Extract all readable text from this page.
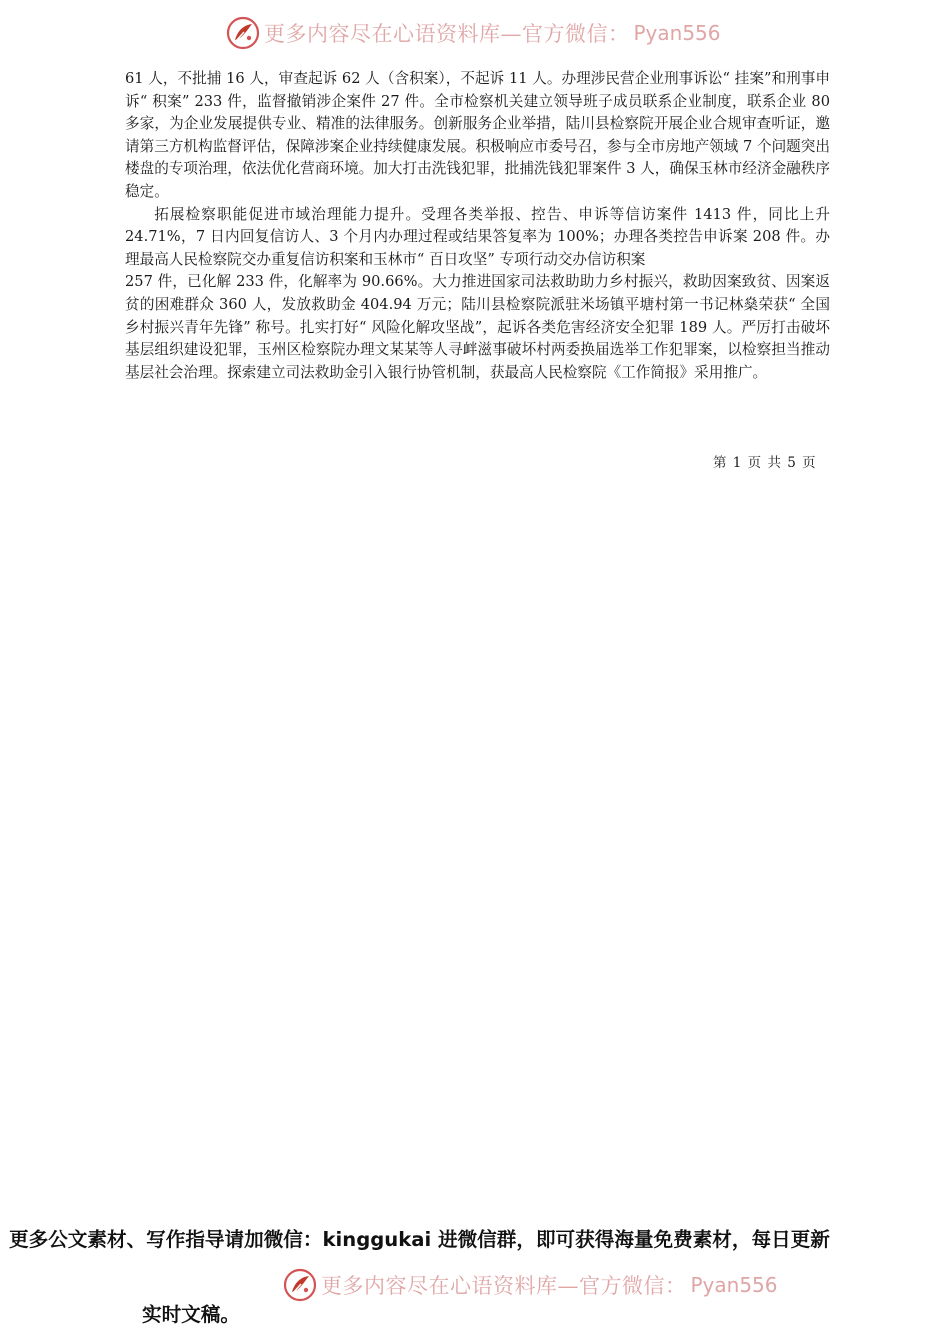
更多内容尽在心语资料库—官方微信： Pyan556

61 人，不批捕 16 人，审查起诉 62 人（含积案），不起诉 11 人。办理涉民营企业刑事诉讼“ 挂案”和刑事申诉“ 积案” 233 件，监督撤销涉企案件 27 件。全市检察机关建立领导班子成员联系企业制度，联系企业 80 多家，为企业发展提供专业、精准的法律服务。创新服务企业举措，陆川县检察院开展企业合规审查听证，邀请第三方机构监督评估，保障涉案企业持续健康发展。积极响应市委号召，参与全市房地产领域 7 个问题突出楼盘的专项治理，依法优化营商环境。加大打击洗钱犯罪，批捕洗钱犯罪案件 3 人，确保玉林市经济金融秩序稳定。

拓展检察职能促进市域治理能力提升。受理各类举报、控告、申诉等信访案件 1413 件，同比上升 24.71%，7 日内回复信访人、3 个月内办理过程或结果答复率为 100%；办理各类控告申诉案 208 件。办理最高人民检察院交办重复信访积案和玉林市“ 百日攻坚” 专项行动交办信访积案

257 件，已化解 233 件，化解率为 90.66%。大力推进国家司法救助助力乡村振兴，救助因案致贫、因案返贫的困难群众 360 人，发放救助金 404.94 万元；陆川县检察院派驻米场镇平塘村第一书记林燊荣获“ 全国乡村振兴青年先锋” 称号。扎实打好“ 风险化解攻坚战”，起诉各类危害经济安全犯罪 189 人。严厉打击破坏基层组织建设犯罪，玉州区检察院办理文某某等人寻衅滋事破坏村两委换届选举工作犯罪案，以检察担当推动基层社会治理。探索建立司法救助金引入银行协管机制，获最高人民检察院《工作简报》采用推广。

第 1 页 共 5 页
更多公文素材、写作指导请加微信：kinggukai 进微信群，即可获得海量免费素材，每日更新
更多内容尽在心语资料库—官方微信： Pyan556
实时文稿。
